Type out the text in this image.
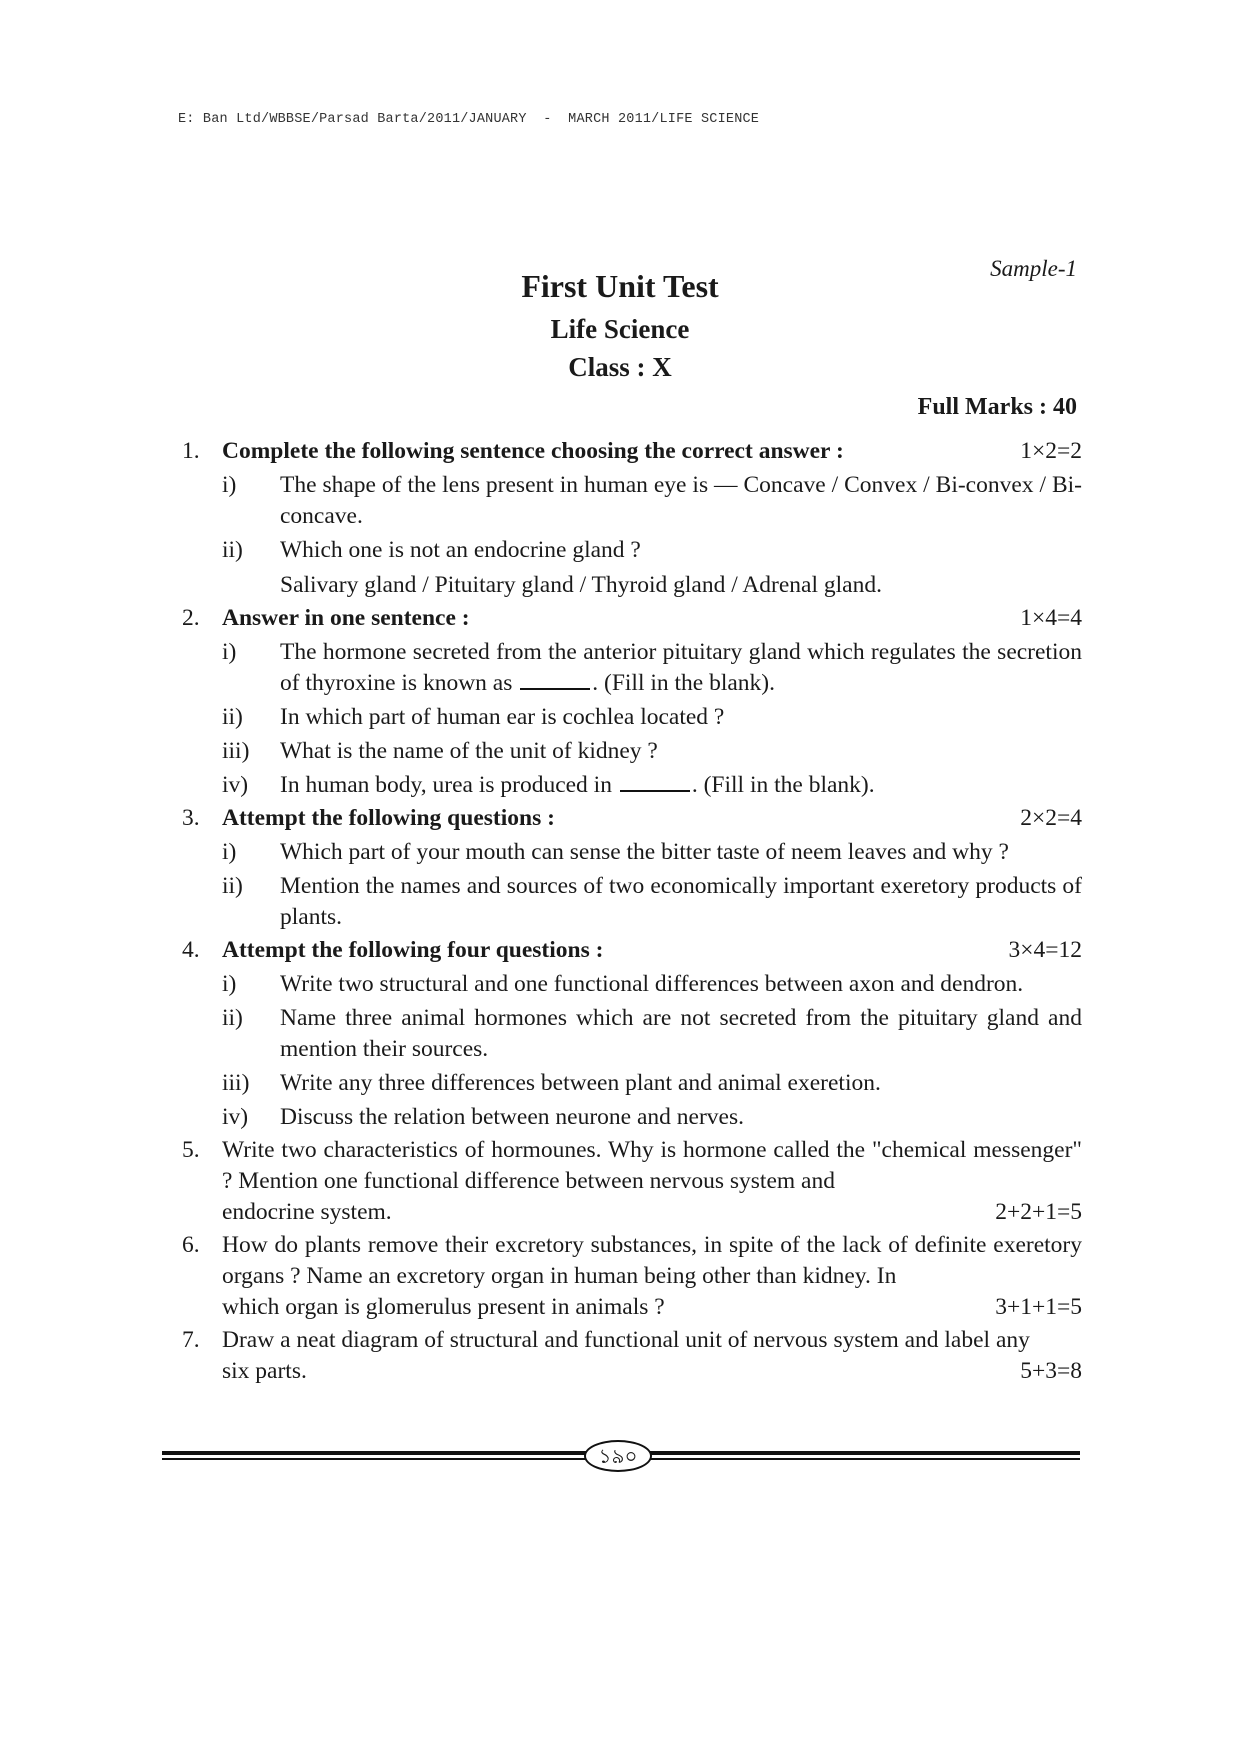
E: Ban Ltd/WBBSE/Parsad Barta/2011/JANUARY  -  MARCH 2011/LIFE SCIENCE
Sample-1
First Unit Test
Life Science
Class : X
Full Marks : 40
1. Complete the following sentence choosing the correct answer :	1×2=2
i) The shape of the lens present in human eye is — Concave / Convex / Bi-convex / Bi-concave.
ii) Which one is not an endocrine gland ?
Salivary gland / Pituitary gland / Thyroid gland / Adrenal gland.
2. Answer in one sentence :	1×4=4
i) The hormone secreted from the anterior pituitary gland which regulates the secretion of thyroxine is known as	. (Fill in the blank).
ii) In which part of human ear is cochlea located ?
iii) What is the name of the unit of kidney ?
iv) In human body, urea is produced in	. (Fill in the blank).
3. Attempt the following questions :	2×2=4
i) Which part of your mouth can sense the bitter taste of neem leaves and why ?
ii) Mention the names and sources of two economically important exeretory products of plants.
4. Attempt the following four questions :	3×4=12
i) Write two structural and one functional differences between axon and dendron.
ii) Name three animal hormones which are not secreted from the pituitary gland and mention their sources.
iii) Write any three differences between plant and animal exeretion.
iv) Discuss the relation between neurone and nerves.
5. Write two characteristics of hormounes. Why is hormone called the "chemical messenger" ? Mention one functional difference between nervous system and
endocrine system.	2+2+1=5
6. How do plants remove their excretory substances, in spite of the lack of definite exeretory organs ? Name an excretory organ in human being other than kidney. In
which organ is glomerulus present in animals ?	3+1+1=5
7. Draw a neat diagram of structural and functional unit of nervous system and label any
six parts.	5+3=8
১৯০
